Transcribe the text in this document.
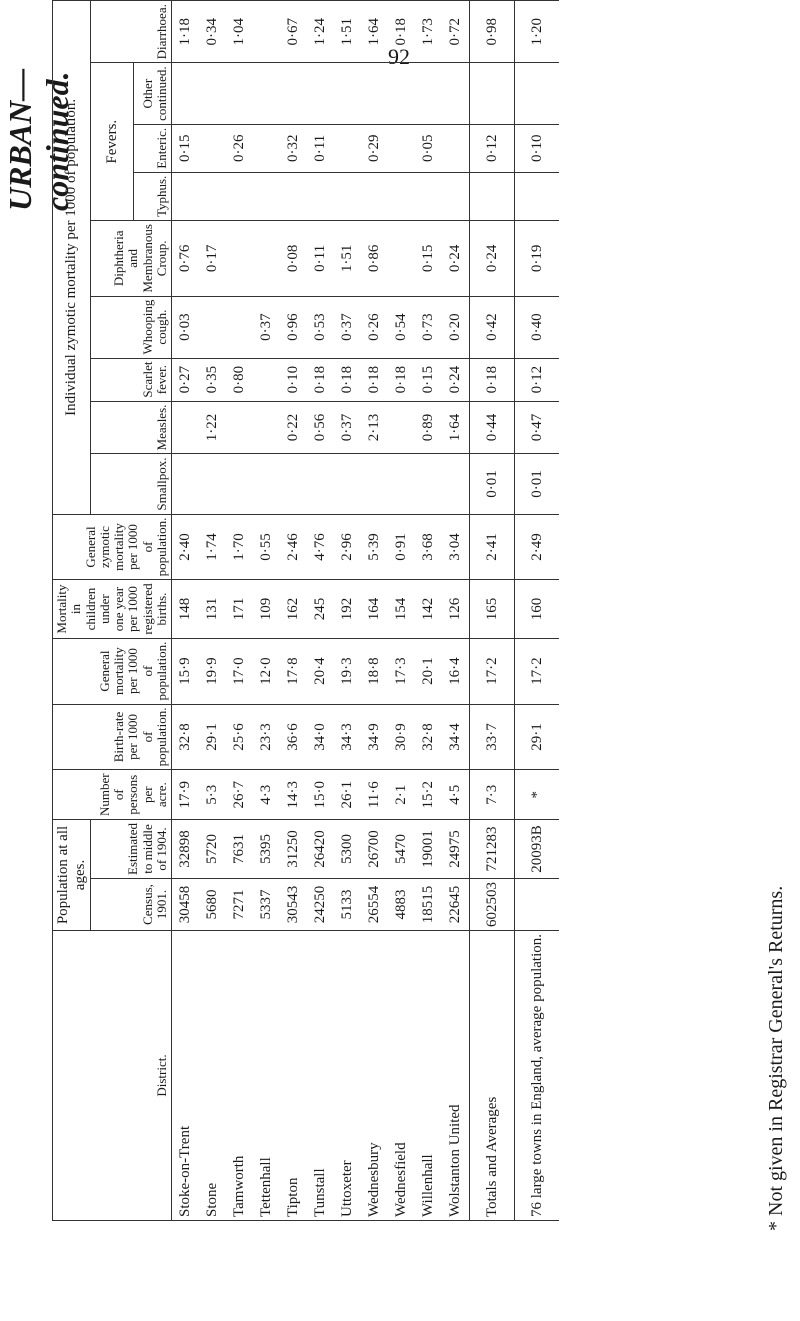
92
URBAN—continued.
District.	Population at all ages.		Number of persons per acre.	Birth-rate per 1000 of population.	General mortality per 1000 of population.	Mortality in children under one year per 1000 registered births.	General zymotic mortality per 1000 of population.	Individual zymotic mortality per 1000 of population.								
	Census, 1901.	Estimated to middle of 1904.						Smallpox.	Measles.	Scarlet fever.	Whooping cough.	Diphtheria and Membranous Croup.	Fevers.			Diarrhoea.								
													Typhus.	Enteric.	Other continued.									
Stoke-on-Trent	30458	32898	17·9	32·8	15·9	148	2·40			0·27	0·03	0·76		0·15		1·18								
Stone	5680	5720	5·3	29·1	19·9	131	1·74		1·22	0·35		0·17				0·34								
Tamworth	7271	7631	26·7	25·6	17·0	171	1·70			0·80				0·26		1·04								
Tettenhall	5337	5395	4·3	23·3	12·0	109	0·55				0·37													
Tipton	30543	31250	14·3	36·6	17·8	162	2·46		0·22	0·10	0·96	0·08		0·32		0·67								
Tunstall	24250	26420	15·0	34·0	20·4	245	4·76		0·56	0·18	0·53	0·11		0·11		1·24								
Uttoxeter	5133	5300	26·1	34·3	19·3	192	2·96		0·37	0·18	0·37	1·51				1·51								
Wednesbury	26554	26700	11·6	34·9	18·8	164	5·39		2·13	0·18	0·26	0·86		0·29		1·64								
Wednesfield	4883	5470	2·1	30·9	17·3	154	0·91			0·18	0·54					0·18								
Willenhall	18515	19001	15·2	32·8	20·1	142	3·68		0·89	0·15	0·73	0·15		0·05		1·73								
Wolstanton United	22645	24975	4·5	34·4	16·4	126	3·04		1·64	0·24	0·20	0·24				0·72								
Totals and Averages	602503	721283	7·3	33·7	17·2	165	2·41	0·01	0·44	0·18	0·42	0·24		0·12		0·98								
76 large towns in England, average population.		20093B	*	29·1	17·2	160	2·49	0·01	0·47	0·12	0·40	0·19		0·10		1·20								
* Not given in Registrar General's Returns.
